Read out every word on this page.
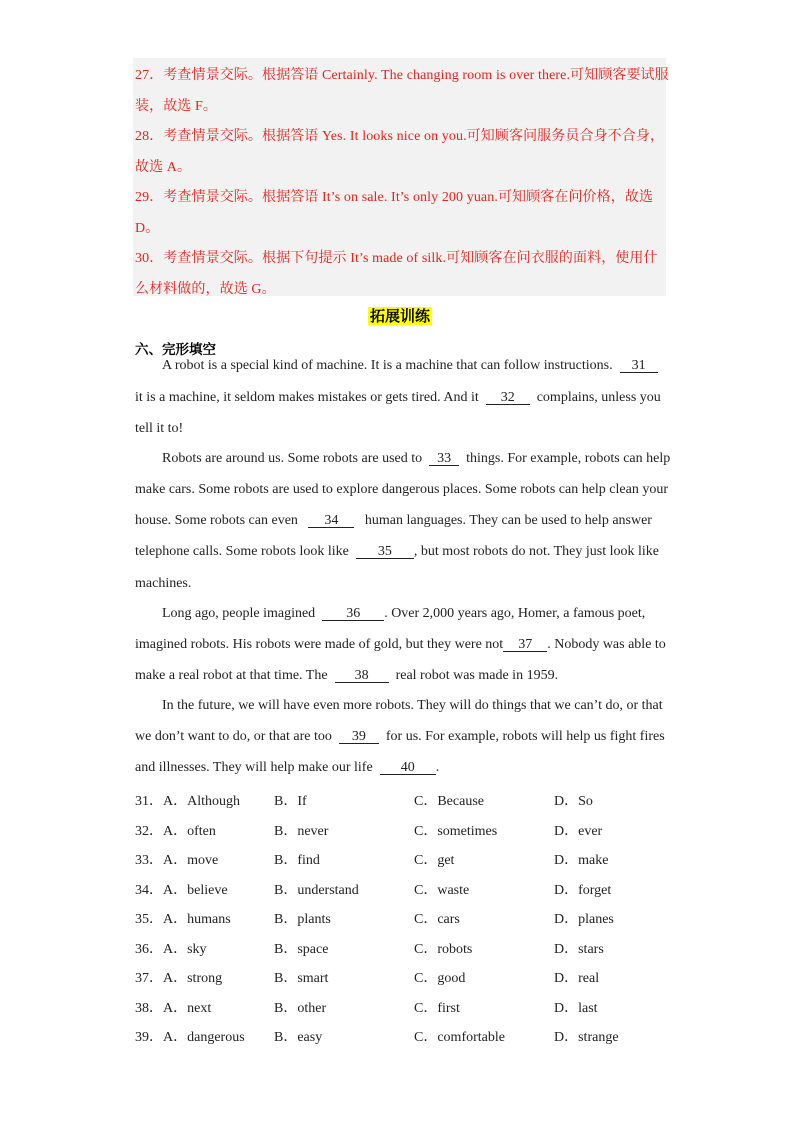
27．考查情景交际。根据答语 Certainly. The changing room is over there.可知顾客要试服
装，故选 F。
28．考查情景交际。根据答语 Yes. It looks nice on you.可知顾客问服务员合身不合身，
故选 A。
29．考查情景交际。根据答语 It’s on sale. It’s only 200 yuan.可知顾客在问价格，故选
D。
30．考查情景交际。根据下句提示 It’s made of silk.可知顾客在问衣服的面料，使用什
么材料做的，故选 G。
拓展训练
六、完形填空
A robot is a special kind of machine. It is a machine that can follow instructions. 31
it is a machine, it seldom makes mistakes or gets tired. And it 32 complains, unless you
tell it to!
Robots are around us. Some robots are used to 33 things. For example, robots can help
make cars. Some robots are used to explore dangerous places. Some robots can help clean your
house. Some robots can even 34 human languages. They can be used to help answer
telephone calls. Some robots look like 35 , but most robots do not. They just look like
machines.
Long ago, people imagined 36 . Over 2,000 years ago, Homer, a famous poet,
imagined robots. His robots were made of gold, but they were not 37 . Nobody was able to
make a real robot at that time. The 38 real robot was made in 1959.
In the future, we will have even more robots. They will do things that we can’t do, or that
we don’t want to do, or that are too 39 for us. For example, robots will help us fight fires
and illnesses. They will help make our life 40 .
31． A．Although B．If	C．Because	D．So
32． A．often	B．never	C．sometimes	D．ever
33． A．move	B．find	C．get	D．make
34． A．believe	B．understand	C．waste	D．forget
35． A．humans	B．plants	C．cars	D．planes
36． A．sky	B．space	C．robots	D．stars
37． A．strong	B．smart	C．good	D．real
38． A．next	B．other	C．first	D．last
39． A．dangerous B．easy	C．comfortable	D．strange
